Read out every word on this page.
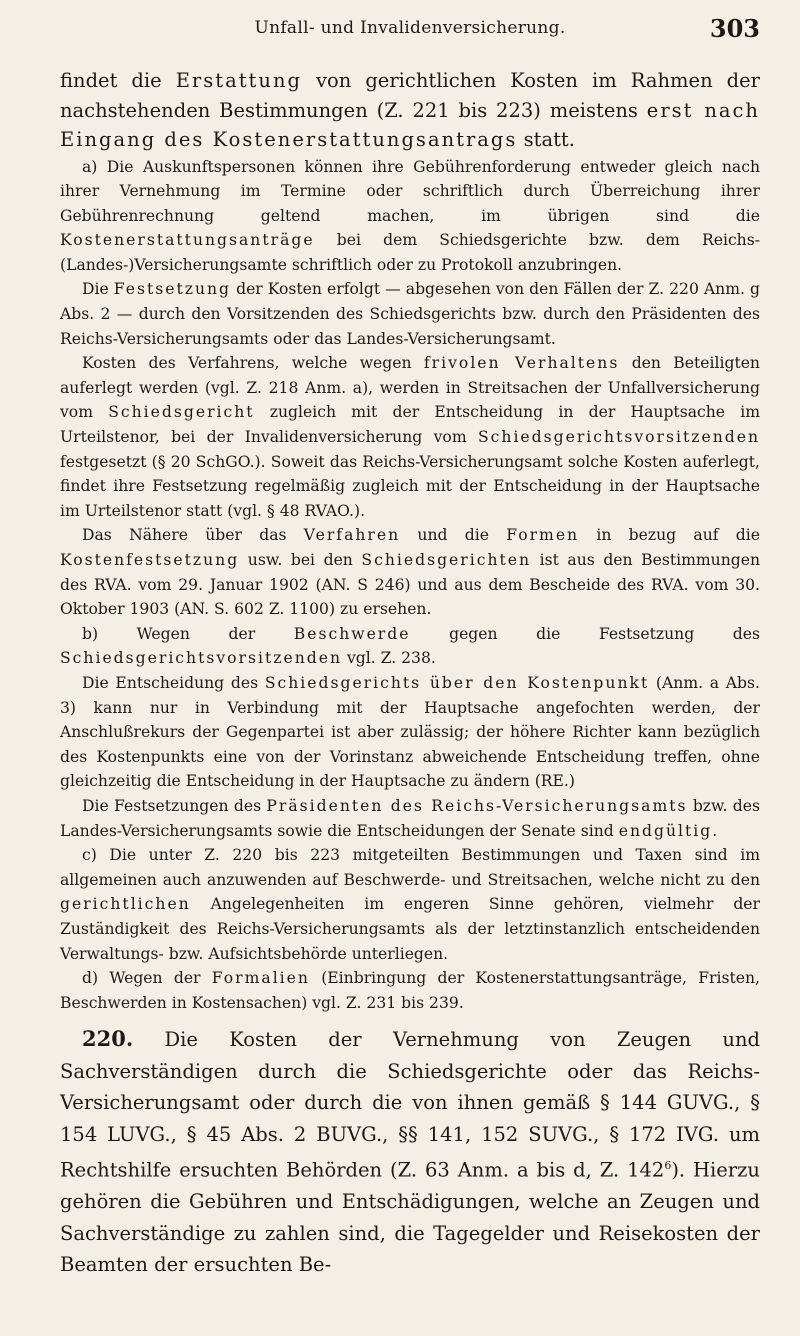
Unfall- und Invalidenversicherung.	303

findet die Erstattung von gerichtlichen Kosten im Rahmen der nachstehenden Bestimmungen (Z. 221 bis 223) meistens erst nach Eingang des Kostenerstattungsantrags statt.

a) Die Auskunftspersonen können ihre Gebührenforderung entweder gleich nach ihrer Vernehmung im Termine oder schriftlich durch Überreichung ihrer Gebührenrechnung geltend machen, im übrigen sind die Kostenerstattungsanträge bei dem Schiedsgerichte bzw. dem Reichs-(Landes-)Versicherungsamte schriftlich oder zu Protokoll anzubringen.

Die Festsetzung der Kosten erfolgt — abgesehen von den Fällen der Z. 220 Anm. g Abs. 2 — durch den Vorsitzenden des Schiedsgerichts bzw. durch den Präsidenten des Reichs-Versicherungsamts oder das Landes-Versicherungsamt.

Kosten des Verfahrens, welche wegen frivolen Verhaltens den Beteiligten auferlegt werden (vgl. Z. 218 Anm. a), werden in Streitsachen der Unfallversicherung vom Schiedsgericht zugleich mit der Entscheidung in der Hauptsache im Urteilstenor, bei der Invalidenversicherung vom Schiedsgerichtsvorsitzenden festgesetzt (§ 20 SchGO.). Soweit das Reichs-Versicherungsamt solche Kosten auferlegt, findet ihre Festsetzung regelmäßig zugleich mit der Entscheidung in der Hauptsache im Urteilstenor statt (vgl. § 48 RVAO.).

Das Nähere über das Verfahren und die Formen in bezug auf die Kostenfestsetzung usw. bei den Schiedsgerichten ist aus den Bestimmungen des RVA. vom 29. Januar 1902 (AN. S 246) und aus dem Bescheide des RVA. vom 30. Oktober 1903 (AN. S. 602 Z. 1100) zu ersehen.

b) Wegen der Beschwerde gegen die Festsetzung des Schiedsgerichtsvorsitzenden vgl. Z. 238.

Die Entscheidung des Schiedsgerichts über den Kostenpunkt (Anm. a Abs. 3) kann nur in Verbindung mit der Hauptsache angefochten werden, der Anschlußrekurs der Gegenpartei ist aber zulässig; der höhere Richter kann bezüglich des Kostenpunkts eine von der Vorinstanz abweichende Entscheidung treffen, ohne gleichzeitig die Entscheidung in der Hauptsache zu ändern (RE.)

Die Festsetzungen des Präsidenten des Reichs-Versicherungsamts bzw. des Landes-Versicherungsamts sowie die Entscheidungen der Senate sind endgültig.

c) Die unter Z. 220 bis 223 mitgeteilten Bestimmungen und Taxen sind im allgemeinen auch anzuwenden auf Beschwerde- und Streitsachen, welche nicht zu den gerichtlichen Angelegenheiten im engeren Sinne gehören, vielmehr der Zuständigkeit des Reichs-Versicherungsamts als der letztinstanzlich entscheidenden Verwaltungs- bzw. Aufsichtsbehörde unterliegen.

d) Wegen der Formalien (Einbringung der Kostenerstattungsanträge, Fristen, Beschwerden in Kostensachen) vgl. Z. 231 bis 239.

220. Die Kosten der Vernehmung von Zeugen und Sachverständigen durch die Schiedsgerichte oder das Reichs-Versicherungsamt oder durch die von ihnen gemäß § 144 GUVG., § 154 LUVG., § 45 Abs. 2 BUVG., §§ 141, 152 SUVG., § 172 IVG. um Rechtshilfe ersuchten Behörden (Z. 63 Anm. a bis d, Z. $142^6$). Hierzu gehören die Gebühren und Entschädigungen, welche an Zeugen und Sachverständige zu zahlen sind, die Tagegelder und Reisekosten der Beamten der ersuchten Be-
